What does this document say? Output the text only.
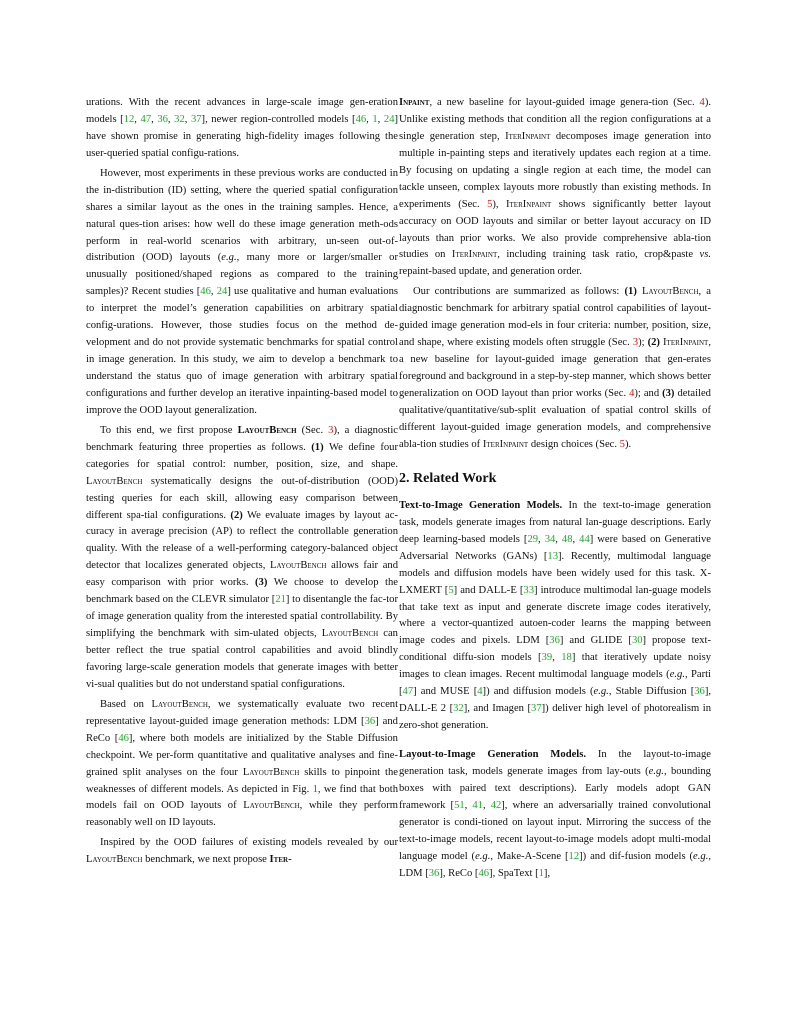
urations. With the recent advances in large-scale image gen-eration models [12, 47, 36, 32, 37], newer region-controlled models [46, 1, 24] have shown promise in generating high-fidelity images following the user-queried spatial configu-rations.

However, most experiments in these previous works are conducted in the in-distribution (ID) setting, where the queried spatial configuration shares a similar layout as the ones in the training samples. Hence, a natural ques-tion arises: how well do these image generation meth-ods perform in real-world scenarios with arbitrary, un-seen out-of-distribution (OOD) layouts (e.g., many more or larger/smaller or unusually positioned/shaped regions as compared to the training samples)? Recent studies [46, 24] use qualitative and human evaluations to interpret the model’s generation capabilities on arbitrary spatial config-urations. However, those studies focus on the method de-velopment and do not provide systematic benchmarks for spatial control in image generation. In this study, we aim to develop a benchmark to understand the status quo of image generation with arbitrary spatial configurations and further develop an iterative inpainting-based model to improve the OOD layout generalization.

To this end, we first propose LayoutBench (Sec. 3), a diagnostic benchmark featuring three properties as follows. (1) We define four categories for spatial control: number, position, size, and shape. LayoutBench systematically designs the out-of-distribution (OOD) testing queries for each skill, allowing easy comparison between different spa-tial configurations. (2) We evaluate images by layout ac-curacy in average precision (AP) to reflect the controllable generation quality. With the release of a well-performing category-balanced object detector that localizes generated objects, LayoutBench allows fair and easy comparison with prior works. (3) We choose to develop the benchmark based on the CLEVR simulator [21] to disentangle the fac-tor of image generation quality from the interested spatial controllability. By simplifying the benchmark with sim-ulated objects, LayoutBench can better reflect the true spatial control capabilities and avoid blindly favoring large-scale generation models that generate images with better vi-sual qualities but do not understand spatial configurations.

Based on LayoutBench, we systematically evaluate two recent representative layout-guided image generation methods: LDM [36] and ReCo [46], where both models are initialized by the Stable Diffusion checkpoint. We per-form quantitative and qualitative analyses and fine-grained split analyses on the four LayoutBench skills to pinpoint the weaknesses of different models. As depicted in Fig. 1, we find that both models fail on OOD layouts of LayoutBench, while they perform reasonably well on ID layouts.

Inspired by the OOD failures of existing models revealed by our LayoutBench benchmark, we next propose Iter-

Inpaint, a new baseline for layout-guided image genera-tion (Sec. 4). Unlike existing methods that condition all the region configurations at a single generation step, IterInpaint decomposes image generation into multiple in-painting steps and iteratively updates each region at a time. By focusing on updating a single region at each time, the model can tackle unseen, complex layouts more robustly than existing methods. In experiments (Sec. 5), IterInpaint shows significantly better layout accuracy on OOD layouts and similar or better layout accuracy on ID layouts than prior works. We also provide comprehensive abla-tion studies on IterInpaint, including training task ratio, crop&paste vs. repaint-based update, and generation order.

Our contributions are summarized as follows: (1) LayoutBench, a diagnostic benchmark for arbitrary spatial control capabilities of layout-guided image generation mod-els in four criteria: number, position, size, and shape, where existing models often struggle (Sec. 3); (2) IterInpaint, a new baseline for layout-guided image generation that gen-erates foreground and background in a step-by-step manner, which shows better generalization on OOD layout than prior works (Sec. 4); and (3) detailed qualitative/quantitative/sub-split evaluation of spatial control skills of different layout-guided image generation models, and comprehensive abla-tion studies of IterInpaint design choices (Sec. 5).

2. Related Work

Text-to-Image Generation Models. In the text-to-image generation task, models generate images from natural lan-guage descriptions. Early deep learning-based models [29, 34, 48, 44] were based on Generative Adversarial Networks (GANs) [13]. Recently, multimodal language models and diffusion models have been widely used for this task. X-LXMERT [5] and DALL-E [33] introduce multimodal lan-guage models that take text as input and generate discrete image codes iteratively, where a vector-quantized autoen-coder learns the mapping between image codes and pixels. LDM [36] and GLIDE [30] propose text-conditional diffu-sion models [39, 18] that iteratively update noisy images to clean images. Recent multimodal language models (e.g., Parti [47] and MUSE [4]) and diffusion models (e.g., Stable Diffusion [36], DALL-E 2 [32], and Imagen [37]) deliver high level of photorealism in zero-shot generation.

Layout-to-Image Generation Models. In the layout-to-image generation task, models generate images from lay-outs (e.g., bounding boxes with paired text descriptions). Early models adopt GAN framework [51, 41, 42], where an adversarially trained convolutional generator is condi-tioned on layout input. Mirroring the success of the text-to-image models, recent layout-to-image models adopt multi-modal language model (e.g., Make-A-Scene [12]) and dif-fusion models (e.g., LDM [36], ReCo [46], SpaText [1],
